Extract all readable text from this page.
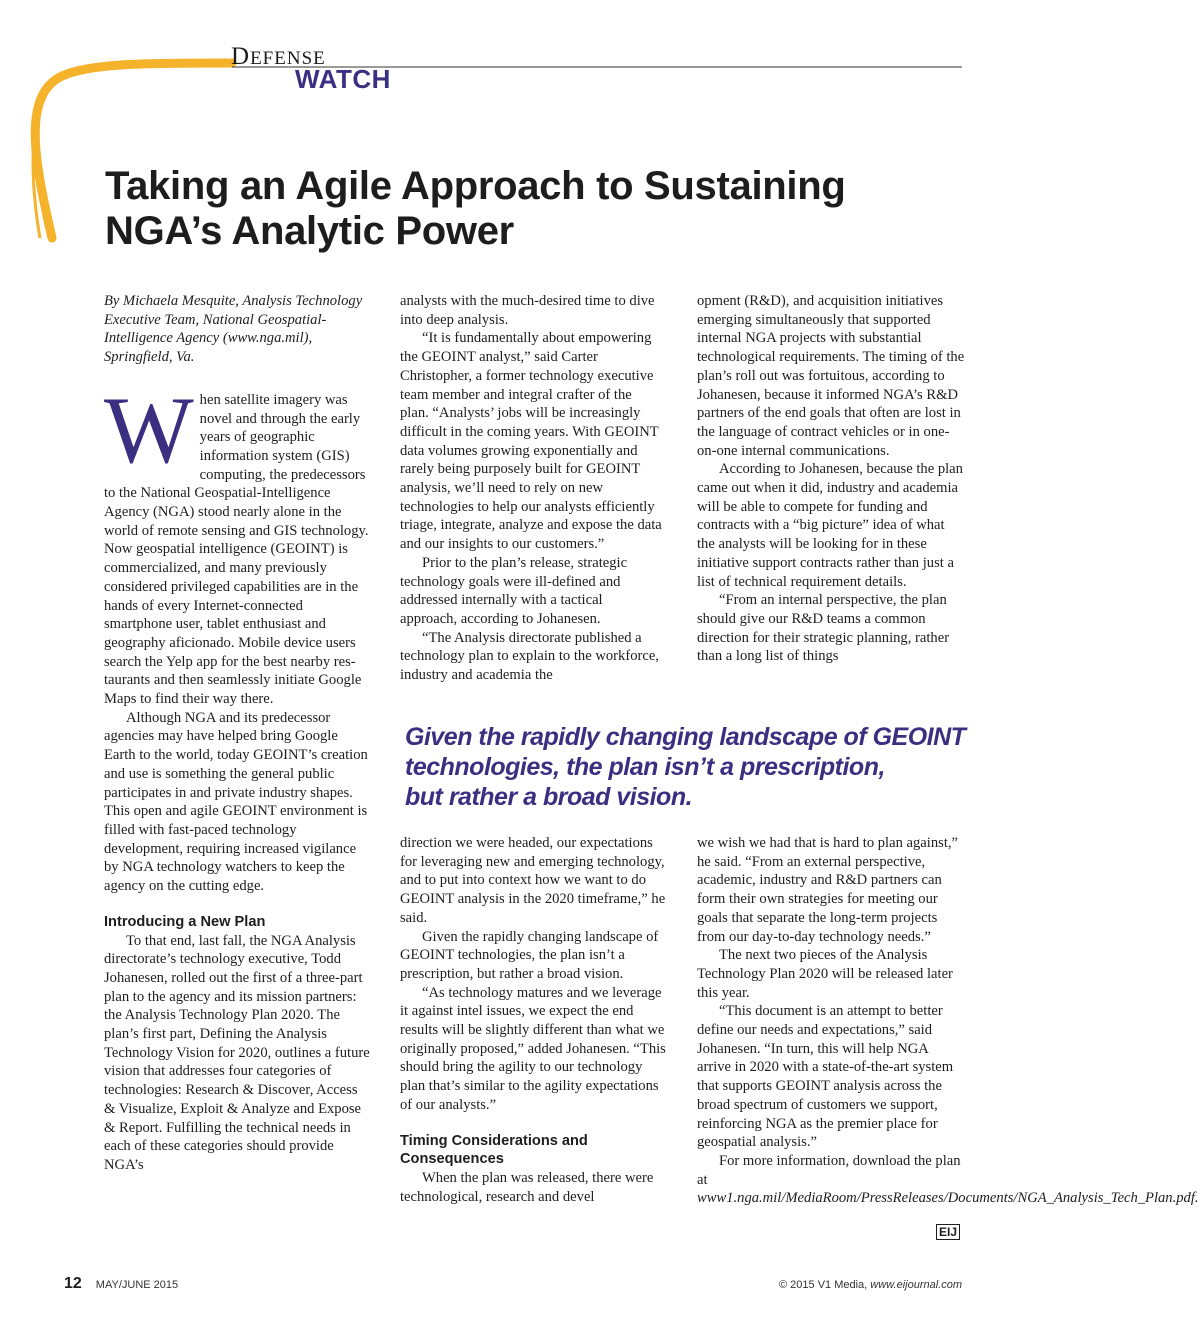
DEFENSE
WATCH
Taking an Agile Approach to Sustaining
NGA’s Analytic Power

By Michaela Mesquite, Analysis Technology Executive Team, National Geospatial-Intelligence Agency (www.nga.mil), Springfield, Va.

When satellite imagery was novel and through the early years of geographic information system (GIS) computing, the predecessors to the National Geospatial-Intelligence Agency (NGA) stood nearly alone in the world of remote sensing and GIS technology. Now geospatial intelligence (GEOINT) is commercialized, and many previously considered privileged capabilities are in the hands of every Internet-connected smartphone user, tablet enthusiast and geography aficionado. Mobile device users search the Yelp app for the best nearby restaurants and then seamlessly initiate Google Maps to find their way there.

Although NGA and its predecessor agencies may have helped bring Google Earth to the world, today GEOINT’s creation and use is something the general public participates in and private industry shapes. This open and agile GEOINT environment is filled with fast-paced technology development, requiring increased vigilance by NGA technology watchers to keep the agency on the cutting edge.

Introducing a New Plan

To that end, last fall, the NGA Analysis directorate’s technology executive, Todd Johanesen, rolled out the first of a three-part plan to the agency and its mission partners: the Analysis Technology Plan 2020. The plan’s first part, Defining the Analysis Technology Vision for 2020, outlines a future vision that addresses four categories of technologies: Research & Discover, Access & Visualize, Exploit & Analyze and Expose & Report. Fulfilling the technical needs in each of these categories should provide NGA’s

analysts with the much-desired time to dive into deep analysis.

“It is fundamentally about empowering the GEOINT analyst,” said Carter Christopher, a former technology executive team member and integral crafter of the plan. “Analysts’ jobs will be increasingly difficult in the coming years. With GEOINT data volumes growing exponentially and rarely being purposely built for GEOINT analysis, we’ll need to rely on new technologies to help our analysts efficiently triage, integrate, analyze and expose the data and our insights to our customers.”

Prior to the plan’s release, strategic technology goals were ill-defined and addressed internally with a tactical approach, according to Johanesen.

“The Analysis directorate published a technology plan to explain to the workforce, industry and academia the

opment (R&D), and acquisition initiatives emerging simultaneously that supported internal NGA projects with substantial technological requirements. The timing of the plan’s roll out was fortuitous, according to Johanesen, because it informed NGA’s R&D partners of the end goals that often are lost in the language of contract vehicles or in one-on-one internal communications.

According to Johanesen, because the plan came out when it did, industry and academia will be able to compete for funding and contracts with a “big picture” idea of what the analysts will be looking for in these initiative support contracts rather than just a list of technical requirement details.

“From an internal perspective, the plan should give our R&D teams a common direction for their strategic planning, rather than a long list of things

Given the rapidly changing landscape of GEOINT
technologies, the plan isn’t a prescription,
but rather a broad vision.

direction we were headed, our expectations for leveraging new and emerging technology, and to put into context how we want to do GEOINT analysis in the 2020 timeframe,” he said.

Given the rapidly changing landscape of GEOINT technologies, the plan isn’t a prescription, but rather a broad vision.

“As technology matures and we leverage it against intel issues, we expect the end results will be slightly different than what we originally proposed,” added Johanesen. “This should bring the agility to our technology plan that’s similar to the agility expectations of our analysts.”

Timing Considerations and Consequences

When the plan was released, there were technological, research and devel

we wish we had that is hard to plan against,” he said. “From an external perspective, academic, industry and R&D partners can form their own strategies for meeting our goals that separate the long-term projects from our day-to-day technology needs.”

The next two pieces of the Analysis Technology Plan 2020 will be released later this year.

“This document is an attempt to better define our needs and expectations,” said Johanesen. “In turn, this will help NGA arrive in 2020 with a state-of-the-art system that supports GEOINT analysis across the broad spectrum of customers we support, reinforcing NGA as the premier place for geospatial analysis.”

For more information, download the plan at www1.nga.mil/MediaRoom/PressReleases/Documents/NGA_Analysis_Tech_Plan.pdf.

EIJ
12 MAY/JUNE 2015	© 2015 V1 Media, www.eijournal.com
